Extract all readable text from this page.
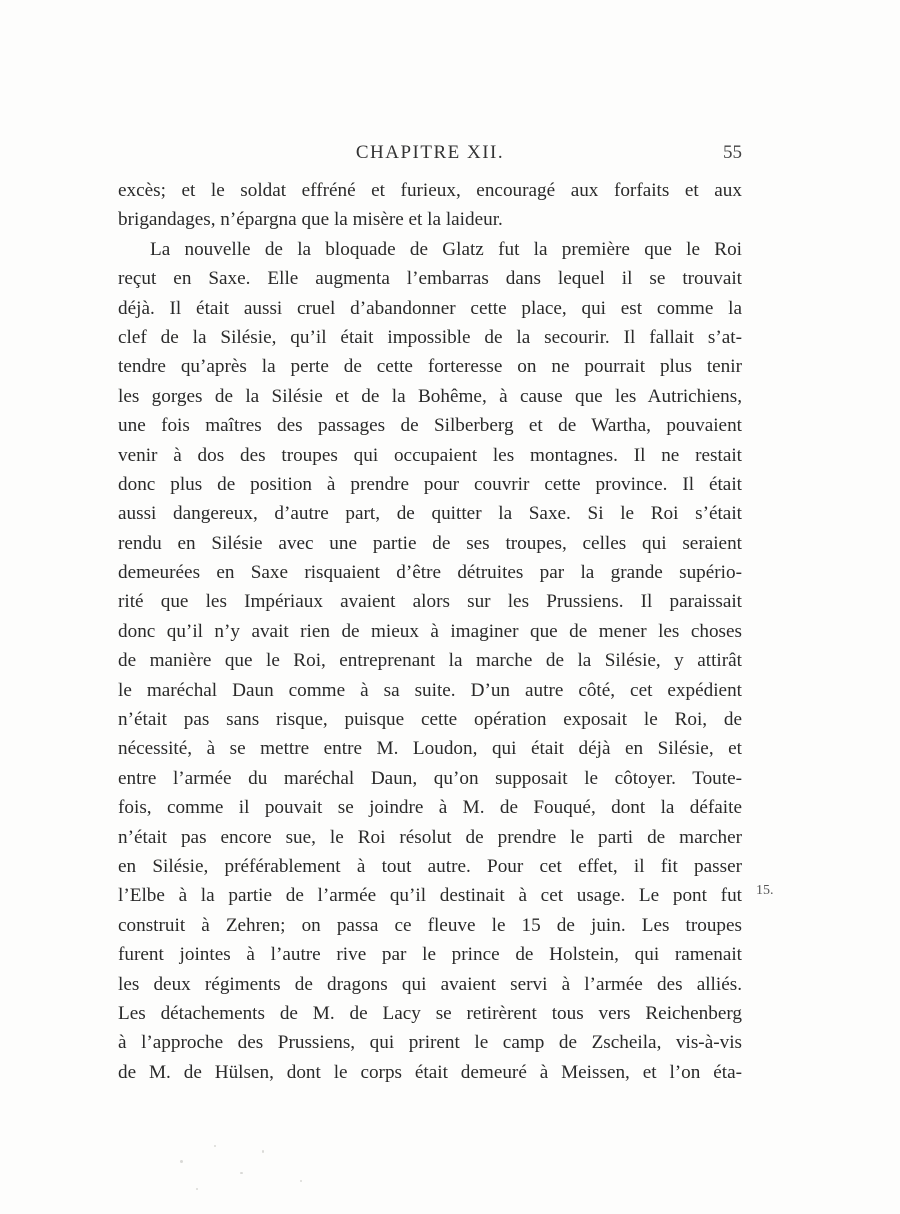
CHAPITRE XII.	55
excès; et le soldat effréné et furieux, encouragé aux forfaits et aux
brigandages, n’épargna que la misère et la laideur.
La nouvelle de la bloquade de Glatz fut la première que le Roi
reçut en Saxe. Elle augmenta l’embarras dans lequel il se trouvait
déjà. Il était aussi cruel d’abandonner cette place, qui est comme la
clef de la Silésie, qu’il était impossible de la secourir. Il fallait s’at-
tendre qu’après la perte de cette forteresse on ne pourrait plus tenir
les gorges de la Silésie et de la Bohême, à cause que les Autrichiens,
une fois maîtres des passages de Silberberg et de Wartha, pouvaient
venir à dos des troupes qui occupaient les montagnes. Il ne restait
donc plus de position à prendre pour couvrir cette province. Il était
aussi dangereux, d’autre part, de quitter la Saxe. Si le Roi s’était
rendu en Silésie avec une partie de ses troupes, celles qui seraient
demeurées en Saxe risquaient d’être détruites par la grande supério-
rité que les Impériaux avaient alors sur les Prussiens. Il paraissait
donc qu’il n’y avait rien de mieux à imaginer que de mener les choses
de manière que le Roi, entreprenant la marche de la Silésie, y attirât
le maréchal Daun comme à sa suite. D’un autre côté, cet expédient
n’était pas sans risque, puisque cette opération exposait le Roi, de
nécessité, à se mettre entre M. Loudon, qui était déjà en Silésie, et
entre l’armée du maréchal Daun, qu’on supposait le côtoyer. Toute-
fois, comme il pouvait se joindre à M. de Fouqué, dont la défaite
n’était pas encore sue, le Roi résolut de prendre le parti de marcher
en Silésie, préférablement à tout autre. Pour cet effet, il fit passer
l’Elbe à la partie de l’armée qu’il destinait à cet usage. Le pont fut
construit à Zehren; on passa ce fleuve le 15 de juin. Les troupes
furent jointes à l’autre rive par le prince de Holstein, qui ramenait
les deux régiments de dragons qui avaient servi à l’armée des alliés.
Les détachements de M. de Lacy se retirèrent tous vers Reichenberg
à l’approche des Prussiens, qui prirent le camp de Zscheila, vis-à-vis
de M. de Hülsen, dont le corps était demeuré à Meissen, et l’on éta-
15.
